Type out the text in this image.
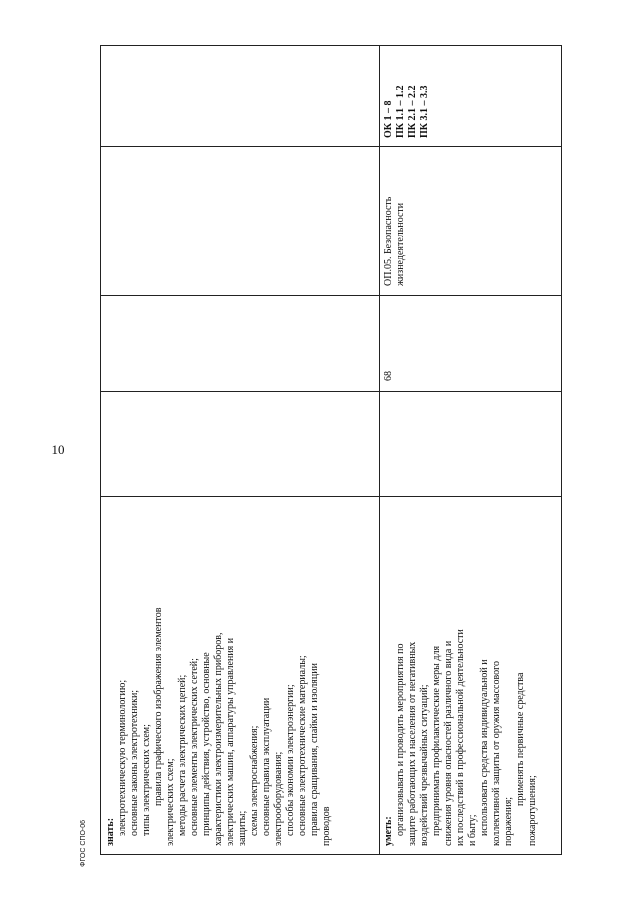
10
ФГОС СПО-06 знать: электротехническую терминологию; основные законы электротехники; типы электрических схем; правила графического изображения элементов электрических схем; методы расчета электрических цепей; основные элементы электрических сетей; принципы действия, устройство, основные характеристики электроизмерительных приборов, электрических машин, аппаратуры управления и защиты; схемы электроснабжения; основные правила эксплуатации электрооборудования; способы экономии электроэнергии; основные электротехнические материалы; правила сращивания, спайки и изоляции проводов	уметь: организовывать и проводить мероприятия по защите работающих и населения от негативных воздействий чрезвычайных ситуаций; предпринимать профилактические меры для снижения уровня опасностей различного вида и их последствий в профессиональной деятельности и быту; использовать средства индивидуальной и коллективной защиты от оружия массового поражения;
применять первичные средства
пожаротушения;
68
ОП.05. Безопасность жизнедеятельности
ОК 1 – 8 ПК 1.1 – 1.2 ПК 2.1 – 2.2 ПК 3.1 – 3.3
